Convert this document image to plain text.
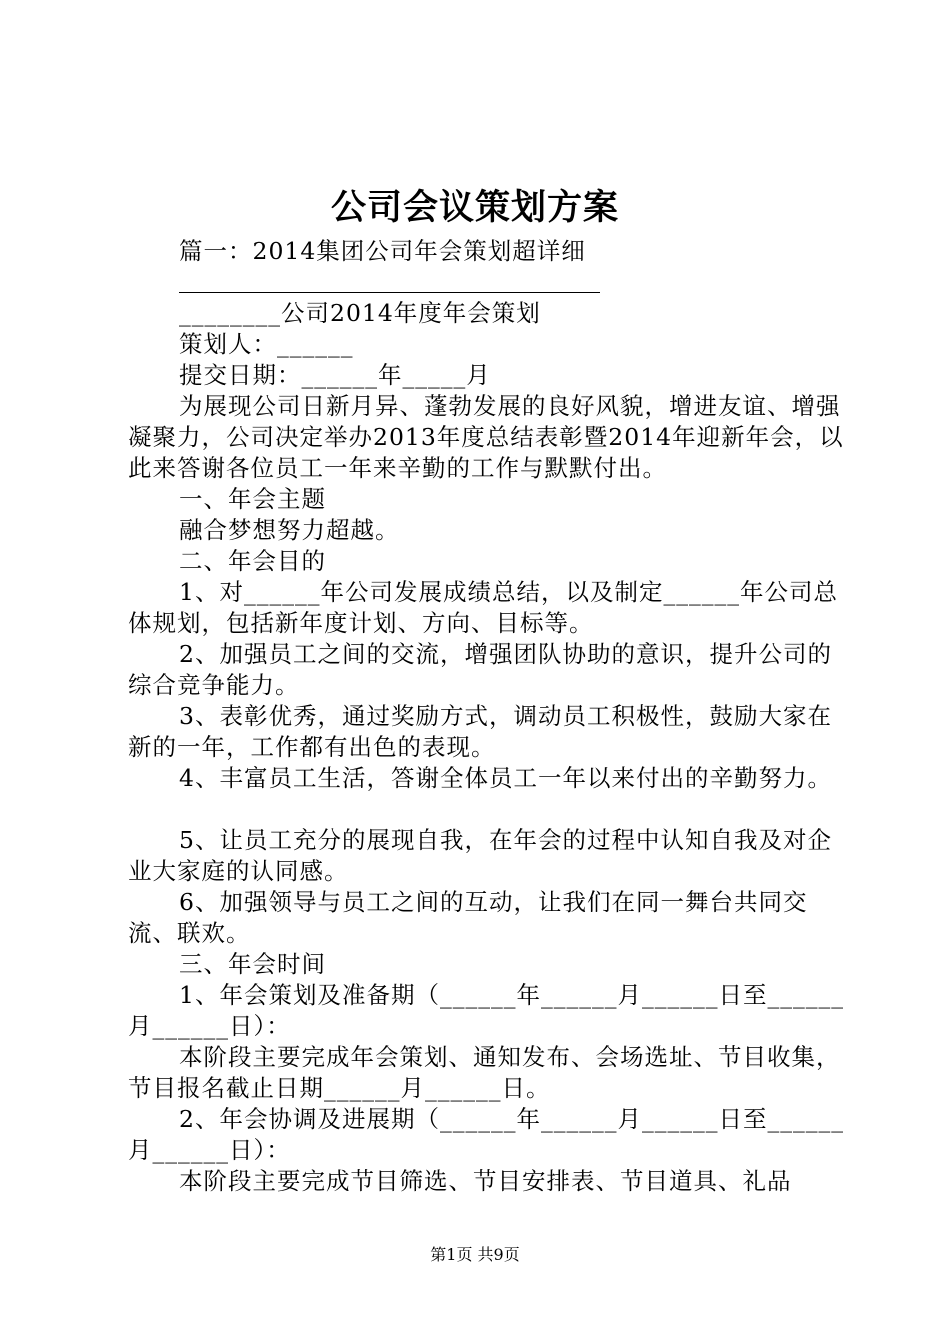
公司会议策划方案

篇一：2014集团公司年会策划超详细

________公司2014年度年会策划

策划人：______

提交日期：______年_____月

为展现公司日新月异、蓬勃发展的良好风貌，增进友谊、增强凝聚力，公司决定举办2013年度总结表彰暨2014年迎新年会，以此来答谢各位员工一年来辛勤的工作与默默付出。

一、年会主题

融合梦想努力超越。

二、年会目的

1、对______年公司发展成绩总结，以及制定______年公司总体规划，包括新年度计划、方向、目标等。

2、加强员工之间的交流，增强团队协助的意识，提升公司的综合竞争能力。

3、表彰优秀，通过奖励方式，调动员工积极性，鼓励大家在新的一年，工作都有出色的表现。

4、丰富员工生活，答谢全体员工一年以来付出的辛勤努力。

5、让员工充分的展现自我，在年会的过程中认知自我及对企业大家庭的认同感。

6、加强领导与员工之间的互动，让我们在同一舞台共同交流、联欢。

三、年会时间

1、年会策划及准备期（______年______月______日至______月______日）：

本阶段主要完成年会策划、通知发布、会场选址、节目收集，节目报名截止日期______月______日。

2、年会协调及进展期（______年______月______日至______月______日）：

本阶段主要完成节目筛选、节目安排表、节目道具、礼品

第1页 共9页
